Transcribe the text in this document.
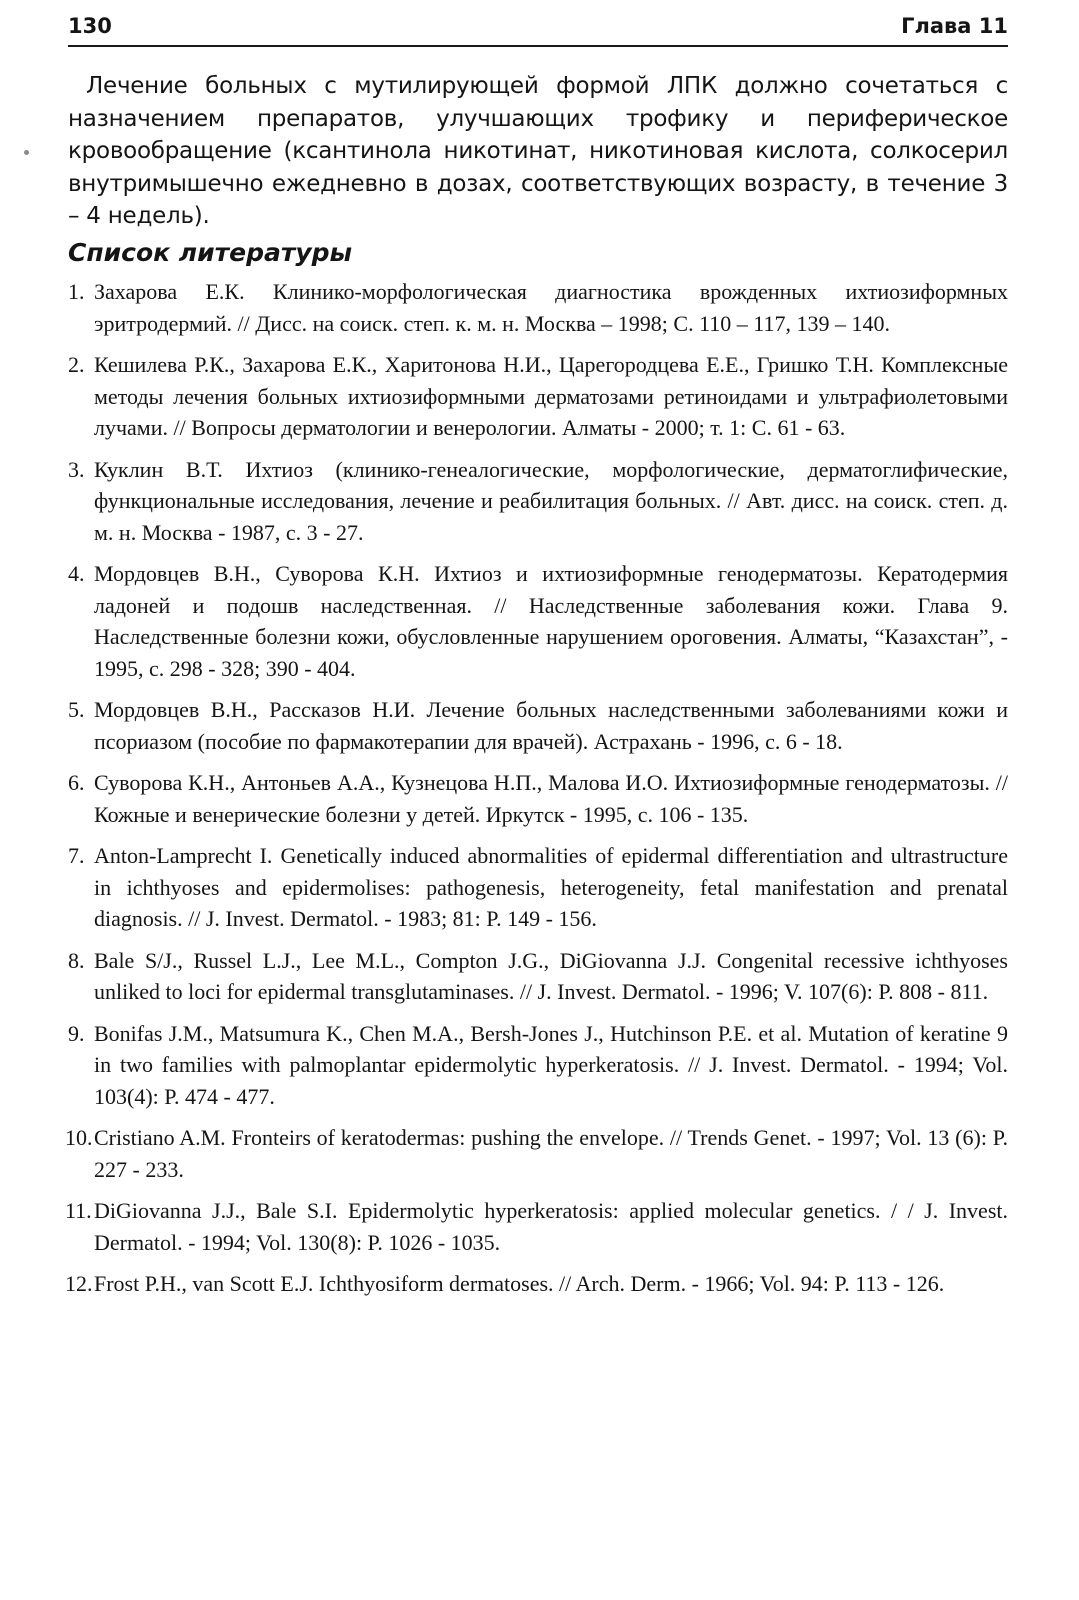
130	Глава 11

Лечение больных с мутилирующей формой ЛПК должно сочетаться с назначением препаратов, улучшающих трофику и периферическое кровообращение (ксантинола никотинат, никотиновая кислота, солкосерил внутримышечно ежедневно в дозах, соответствующих возрасту, в течение 3 – 4 недель).

Список литературы
1. Захарова Е.К. Клинико-морфологическая диагностика врожденных ихтиозиформных эритродермий. // Дисс. на соиск. степ. к. м. н. Москва – 1998; С. 110 – 117, 139 – 140.
2. Кешилева Р.К., Захарова Е.К., Харитонова Н.И., Царегородцева Е.Е., Гришко Т.Н. Комплексные методы лечения больных ихтиозиформными дерматозами ретиноидами и ультрафиолетовыми лучами. // Вопросы дерматологии и венерологии. Алматы - 2000; т. 1: С. 61 - 63.
3. Куклин В.Т. Ихтиоз (клинико-генеалогические, морфологические, дерматоглифические, функциональные исследования, лечение и реабилитация больных. // Авт. дисс. на соиск. степ. д. м. н. Москва - 1987, с. 3 - 27.
4. Мордовцев В.Н., Суворова К.Н. Ихтиоз и ихтиозиформные генодерматозы. Кератодермия ладоней и подошв наследственная. // Наследственные заболевания кожи. Глава 9. Наследственные болезни кожи, обусловленные нарушением ороговения. Алматы, “Казахстан”, - 1995, с. 298 - 328; 390 - 404.
5. Мордовцев В.Н., Рассказов Н.И. Лечение больных наследственными заболеваниями кожи и псориазом (пособие по фармакотерапии для врачей). Астрахань - 1996, с. 6 - 18.
6. Суворова К.Н., Антоньев А.А., Кузнецова Н.П., Малова И.О. Ихтиозиформные генодерматозы. // Кожные и венерические болезни у детей. Иркутск - 1995, с. 106 - 135.
7. Anton-Lamprecht I. Genetically induced abnormalities of epidermal differentiation and ultrastructure in ichthyoses and epidermolises: pathogenesis, heterogeneity, fetal manifestation and prenatal diagnosis. // J. Invest. Dermatol. - 1983; 81: P. 149 - 156.
8. Bale S/J., Russel L.J., Lee M.L., Compton J.G., DiGiovanna J.J. Congenital recessive ichthyoses unliked to loci for epidermal transglutaminases. // J. Invest. Dermatol. - 1996; V. 107(6): P. 808 - 811.
9. Bonifas J.M., Matsumura K., Chen M.A., Bersh-Jones J., Hutchinson P.E. et al. Mutation of keratine 9 in two families with palmoplantar epidermolytic hyperkeratosis. // J. Invest. Dermatol. - 1994; Vol. 103(4): P. 474 - 477.
10. Cristiano A.M. Fronteirs of keratodermas: pushing the envelope. // Trends Genet. - 1997; Vol. 13 (6): P. 227 - 233.
11. DiGiovanna J.J., Bale S.I. Epidermolytic hyperkeratosis: applied molecular genetics. / / J. Invest. Dermatol. - 1994; Vol. 130(8): P. 1026 - 1035.
12. Frost P.H., van Scott E.J. Ichthyosiform dermatoses. // Arch. Derm. - 1966; Vol. 94: P. 113 - 126.
